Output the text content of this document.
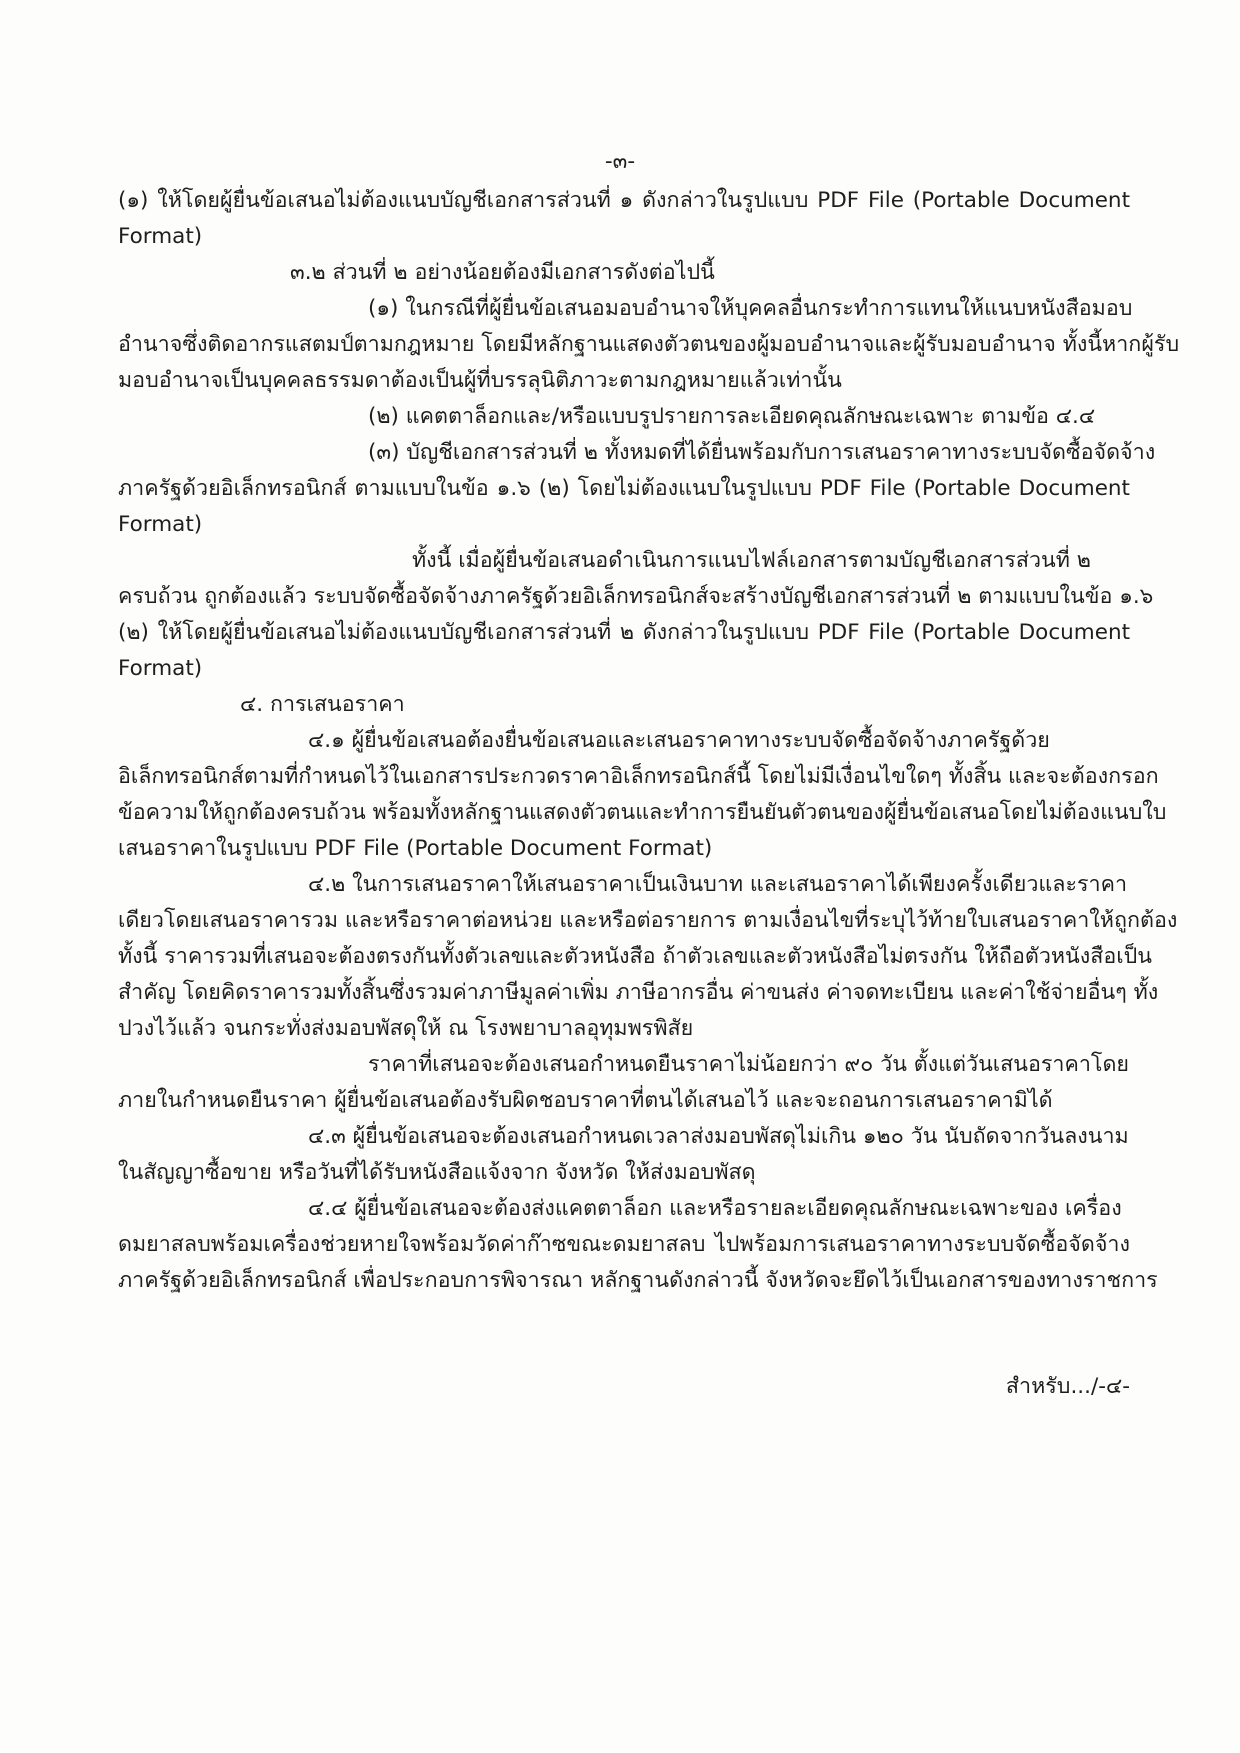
-๓-
(๑) ให้โดยผู้ยื่นข้อเสนอไม่ต้องแนบบัญชีเอกสารส่วนที่ ๑ ดังกล่าวในรูปแบบ PDF File (Portable Document
Format)
๓.๒ ส่วนที่ ๒ อย่างน้อยต้องมีเอกสารดังต่อไปนี้
(๑) ในกรณีที่ผู้ยื่นข้อเสนอมอบอำนาจให้บุคคลอื่นกระทำการแทนให้แนบหนังสือมอบ
อำนาจซึ่งติดอากรแสตมป์ตามกฎหมาย โดยมีหลักฐานแสดงตัวตนของผู้มอบอำนาจและผู้รับมอบอำนาจ ทั้งนี้หากผู้รับ
มอบอำนาจเป็นบุคคลธรรมดาต้องเป็นผู้ที่บรรลุนิติภาวะตามกฎหมายแล้วเท่านั้น
(๒) แคตตาล็อกและ/หรือแบบรูปรายการละเอียดคุณลักษณะเฉพาะ ตามข้อ ๔.๔
(๓) บัญชีเอกสารส่วนที่ ๒ ทั้งหมดที่ได้ยื่นพร้อมกับการเสนอราคาทางระบบจัดซื้อจัดจ้าง
ภาครัฐด้วยอิเล็กทรอนิกส์ ตามแบบในข้อ ๑.๖ (๒) โดยไม่ต้องแนบในรูปแบบ PDF File (Portable Document
Format)
ทั้งนี้ เมื่อผู้ยื่นข้อเสนอดำเนินการแนบไฟล์เอกสารตามบัญชีเอกสารส่วนที่ ๒
ครบถ้วน ถูกต้องแล้ว ระบบจัดซื้อจัดจ้างภาครัฐด้วยอิเล็กทรอนิกส์จะสร้างบัญชีเอกสารส่วนที่ ๒ ตามแบบในข้อ ๑.๖
(๒) ให้โดยผู้ยื่นข้อเสนอไม่ต้องแนบบัญชีเอกสารส่วนที่ ๒ ดังกล่าวในรูปแบบ PDF File (Portable Document
Format)
๔. การเสนอราคา
๔.๑ ผู้ยื่นข้อเสนอต้องยื่นข้อเสนอและเสนอราคาทางระบบจัดซื้อจัดจ้างภาครัฐด้วย
อิเล็กทรอนิกส์ตามที่กำหนดไว้ในเอกสารประกวดราคาอิเล็กทรอนิกส์นี้ โดยไม่มีเงื่อนไขใดๆ ทั้งสิ้น และจะต้องกรอก
ข้อความให้ถูกต้องครบถ้วน พร้อมทั้งหลักฐานแสดงตัวตนและทำการยืนยันตัวตนของผู้ยื่นข้อเสนอโดยไม่ต้องแนบใบ
เสนอราคาในรูปแบบ PDF File (Portable Document Format)
๔.๒ ในการเสนอราคาให้เสนอราคาเป็นเงินบาท และเสนอราคาได้เพียงครั้งเดียวและราคา
เดียวโดยเสนอราคารวม และหรือราคาต่อหน่วย และหรือต่อรายการ ตามเงื่อนไขที่ระบุไว้ท้ายใบเสนอราคาให้ถูกต้อง
ทั้งนี้ ราคารวมที่เสนอจะต้องตรงกันทั้งตัวเลขและตัวหนังสือ ถ้าตัวเลขและตัวหนังสือไม่ตรงกัน ให้ถือตัวหนังสือเป็น
สำคัญ โดยคิดราคารวมทั้งสิ้นซึ่งรวมค่าภาษีมูลค่าเพิ่ม ภาษีอากรอื่น ค่าขนส่ง ค่าจดทะเบียน และค่าใช้จ่ายอื่นๆ ทั้ง
ปวงไว้แล้ว จนกระทั่งส่งมอบพัสดุให้ ณ โรงพยาบาลอุทุมพรพิสัย
ราคาที่เสนอจะต้องเสนอกำหนดยืนราคาไม่น้อยกว่า ๙๐ วัน ตั้งแต่วันเสนอราคาโดย
ภายในกำหนดยืนราคา ผู้ยื่นข้อเสนอต้องรับผิดชอบราคาที่ตนได้เสนอไว้ และจะถอนการเสนอราคามิได้
๔.๓ ผู้ยื่นข้อเสนอจะต้องเสนอกำหนดเวลาส่งมอบพัสดุไม่เกิน ๑๒๐ วัน นับถัดจากวันลงนาม
ในสัญญาซื้อขาย หรือวันที่ได้รับหนังสือแจ้งจาก จังหวัด ให้ส่งมอบพัสดุ
๔.๔ ผู้ยื่นข้อเสนอจะต้องส่งแคตตาล็อก และหรือรายละเอียดคุณลักษณะเฉพาะของ เครื่อง
ดมยาสลบพร้อมเครื่องช่วยหายใจพร้อมวัดค่าก๊าซขณะดมยาสลบ ไปพร้อมการเสนอราคาทางระบบจัดซื้อจัดจ้าง
ภาครัฐด้วยอิเล็กทรอนิกส์ เพื่อประกอบการพิจารณา หลักฐานดังกล่าวนี้ จังหวัดจะยึดไว้เป็นเอกสารของทางราชการ
สำหรับ.../-๔-
